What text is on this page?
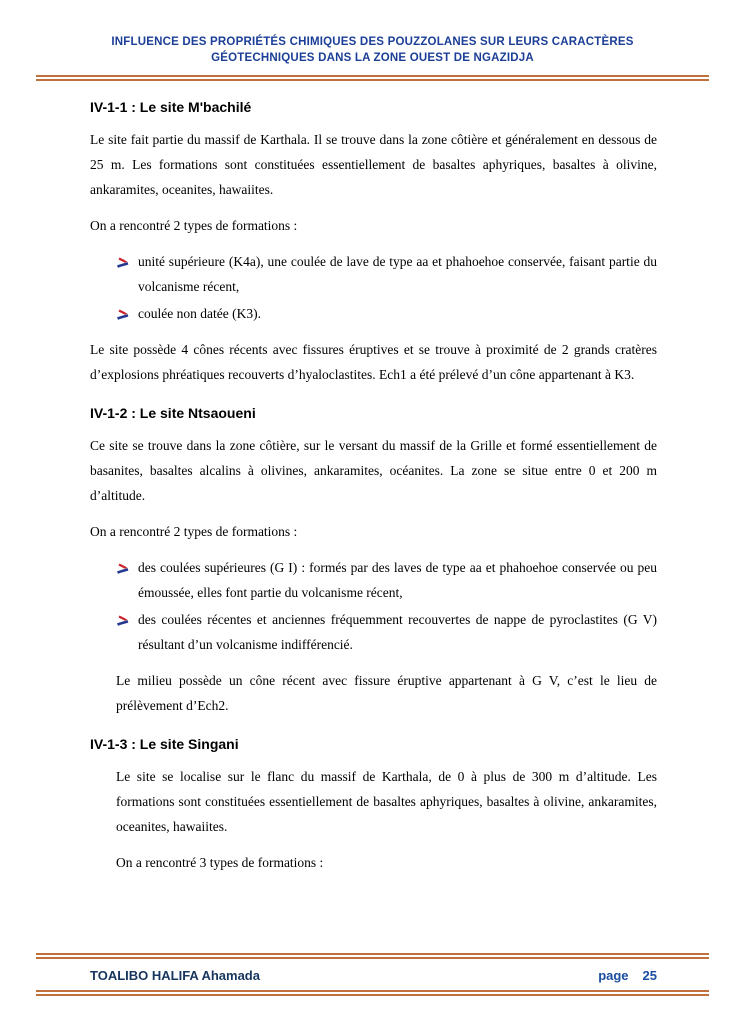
INFLUENCE DES PROPRIÉTÉS CHIMIQUES DES POUZZOLANES SUR LEURS CARACTÈRES
GÉOTECHNIQUES DANS LA ZONE OUEST DE NGAZIDJA
IV-1-1 : Le site M'bachilé

Le site fait partie du massif de Karthala. Il se trouve dans la zone côtière et généralement en dessous de 25 m. Les formations sont constituées essentiellement de basaltes aphyriques, basaltes à olivine, ankaramites, oceanites, hawaiites.

On a rencontré 2 types de formations :

unité supérieure (K4a), une coulée de lave de type aa et phahoehoe conservée, faisant partie du volcanisme récent,
coulée non datée (K3).

Le site possède 4 cônes récents avec fissures éruptives et se trouve à proximité de 2 grands cratères d’explosions phréatiques recouverts d’hyaloclastites. Ech1 a été prélevé d’un cône appartenant à K3.

IV-1-2 : Le site Ntsaoueni

Ce site se trouve dans la zone côtière, sur le versant du massif de la Grille et formé essentiellement de basanites, basaltes alcalins à olivines, ankaramites, océanites. La zone se situe entre 0 et 200 m d’altitude.

On a rencontré 2 types de formations :

des coulées supérieures (G I) : formés par des laves de type aa et phahoehoe conservée ou peu émoussée, elles font partie du volcanisme récent,
des coulées récentes et anciennes fréquemment recouvertes de nappe de pyroclastites (G V) résultant d’un volcanisme indifférencié.

Le milieu possède un cône récent avec fissure éruptive appartenant à G V, c’est le lieu de prélèvement d’Ech2.

IV-1-3 : Le site Singani

Le site se localise sur le flanc du massif de Karthala, de 0 à plus de 300 m d’altitude. Les formations sont constituées essentiellement de basaltes aphyriques, basaltes à olivine, ankaramites, oceanites, hawaiites.

On a rencontré 3 types de formations :

TOALIBO HALIFA Ahamada	page 25
